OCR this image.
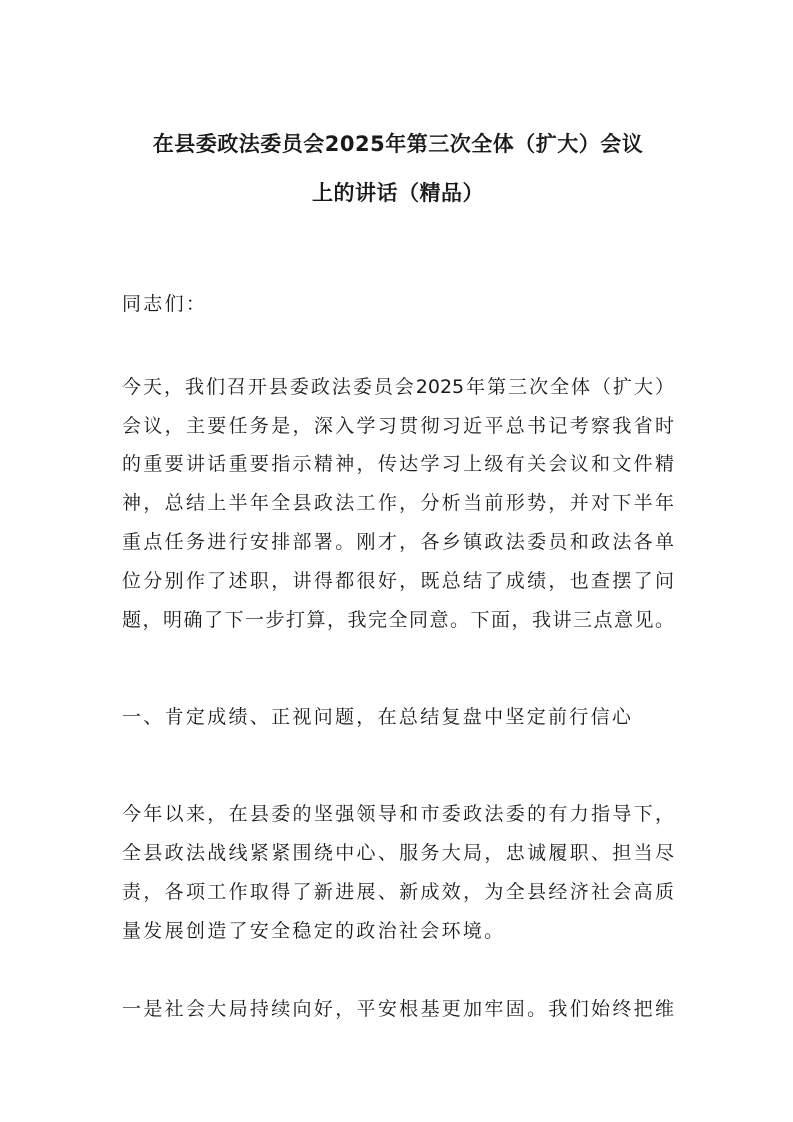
在县委政法委员会2025年第三次全体（扩大）会议
上的讲话（精品）
同志们：
今天，我们召开县委政法委员会2025年第三次全体（扩大）
会议，主要任务是，深入学习贯彻习近平总书记考察我省时
的重要讲话重要指示精神，传达学习上级有关会议和文件精
神，总结上半年全县政法工作，分析当前形势，并对下半年
重点任务进行安排部署。刚才，各乡镇政法委员和政法各单
位分别作了述职，讲得都很好，既总结了成绩，也查摆了问
题，明确了下一步打算，我完全同意。下面，我讲三点意见。
一、肯定成绩、正视问题，在总结复盘中坚定前行信心
今年以来，在县委的坚强领导和市委政法委的有力指导下，
全县政法战线紧紧围绕中心、服务大局，忠诚履职、担当尽
责，各项工作取得了新进展、新成效，为全县经济社会高质
量发展创造了安全稳定的政治社会环境。
一是社会大局持续向好，平安根基更加牢固。我们始终把维
